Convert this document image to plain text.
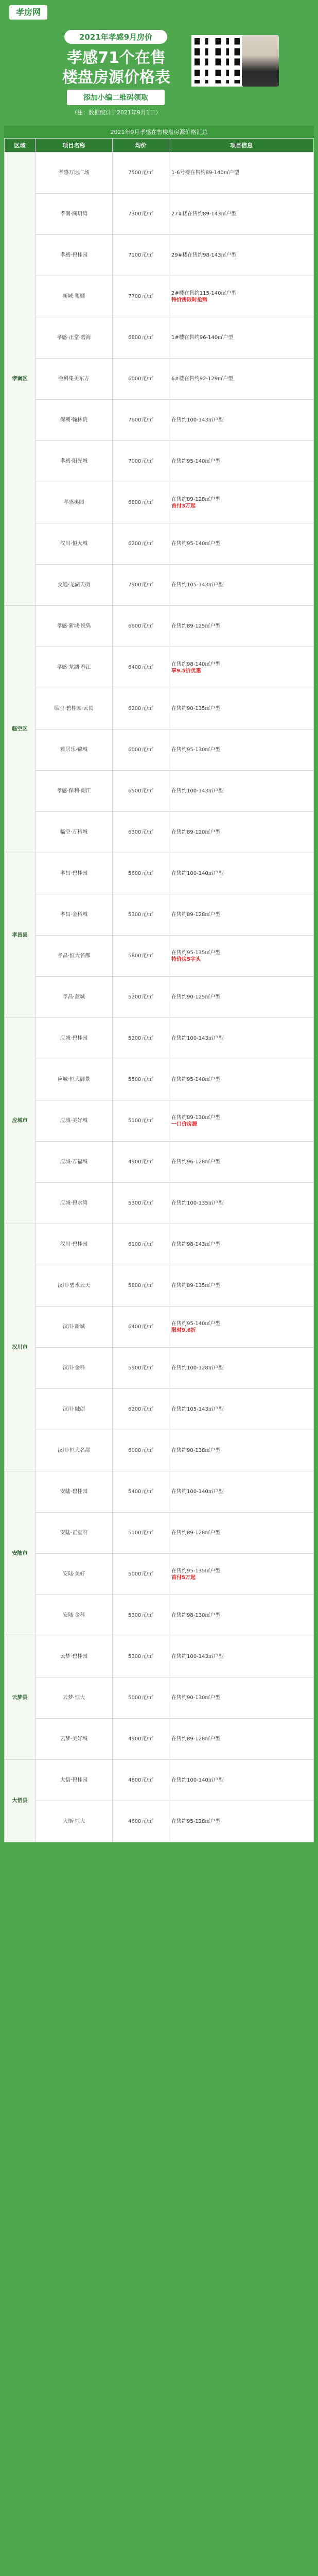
孝房网
2021年孝感9月房价
孝感71个在售
楼盘房源价格表
添加小编二维码领取
（注：数据统计于2021年9月1日）
2021年9月孝感在售楼盘房源价格汇总
区域	项目名称	均价	项目信息
孝南区	孝感万达广场	7500元/㎡	1-6号楼在售约89-140㎡户型

	孝南·澜玥湾	7300元/㎡	27#楼在售约89-143㎡户型

	孝感·碧桂园	7100元/㎡	29#楼在售约98-143㎡户型

	新城·玺樾	7700元/㎡	2#楼在售约115-140㎡户型
特价房限时抢购

	孝感·正堂·碧海	6800元/㎡	1#楼在售约96-140㎡户型

	金科集美东方	6000元/㎡	6#楼在售约92-129㎡户型

	保利·翰林院	7600元/㎡	在售约100-143㎡户型

	孝感·阳光城	7000元/㎡	在售约95-140㎡户型

	孝感奥园	6800元/㎡	在售约89-128㎡户型
首付3万起

	汉川·恒大城	6200元/㎡	在售约95-140㎡户型

	交通·龙湖天街	7900元/㎡	在售约105-143㎡户型

临空区	孝感·新城·悦隽	6600元/㎡	在售约89-125㎡户型

	孝感·龙湖·春江	6400元/㎡	在售约98-140㎡户型
享9.5折优惠

	临空·碧桂园·云顶	6200元/㎡	在售约90-135㎡户型

	雅居乐·锦城	6000元/㎡	在售约95-130㎡户型

	孝感·保利·阅江	6500元/㎡	在售约100-143㎡户型

	临空·万科城	6300元/㎡	在售约89-120㎡户型

孝昌县	孝昌·碧桂园	5600元/㎡	在售约100-140㎡户型

	孝昌·金科城	5300元/㎡	在售约89-128㎡户型

	孝昌·恒大名都	5800元/㎡	在售约95-135㎡户型
特价房5字头

	孝昌·蓝城	5200元/㎡	在售约90-125㎡户型

应城市	应城·碧桂园	5200元/㎡	在售约100-143㎡户型

	应城·恒大御景	5500元/㎡	在售约95-140㎡户型

	应城·美好城	5100元/㎡	在售约89-130㎡户型
一口价房源

	应城·万福城	4900元/㎡	在售约96-128㎡户型

	应城·碧水湾	5300元/㎡	在售约100-135㎡户型

汉川市	汉川·碧桂园	6100元/㎡	在售约98-143㎡户型

	汉川·碧水云天	5800元/㎡	在售约89-135㎡户型

	汉川·新城	6400元/㎡	在售约95-140㎡户型
限时9.6折

	汉川·金科	5900元/㎡	在售约100-128㎡户型

	汉川·融创	6200元/㎡	在售约105-143㎡户型

	汉川·恒大名都	6000元/㎡	在售约90-138㎡户型

安陆市	安陆·碧桂园	5400元/㎡	在售约100-140㎡户型

	安陆·正堂府	5100元/㎡	在售约89-128㎡户型

	安陆·美好	5000元/㎡	在售约95-135㎡户型
首付5万起

	安陆·金科	5300元/㎡	在售约98-130㎡户型

云梦县	云梦·碧桂园	5300元/㎡	在售约100-143㎡户型

	云梦·恒大	5000元/㎡	在售约90-130㎡户型

	云梦·美好城	4900元/㎡	在售约89-128㎡户型

大悟县	大悟·碧桂园	4800元/㎡	在售约100-140㎡户型

	大悟·恒大	4600元/㎡	在售约95-128㎡户型
